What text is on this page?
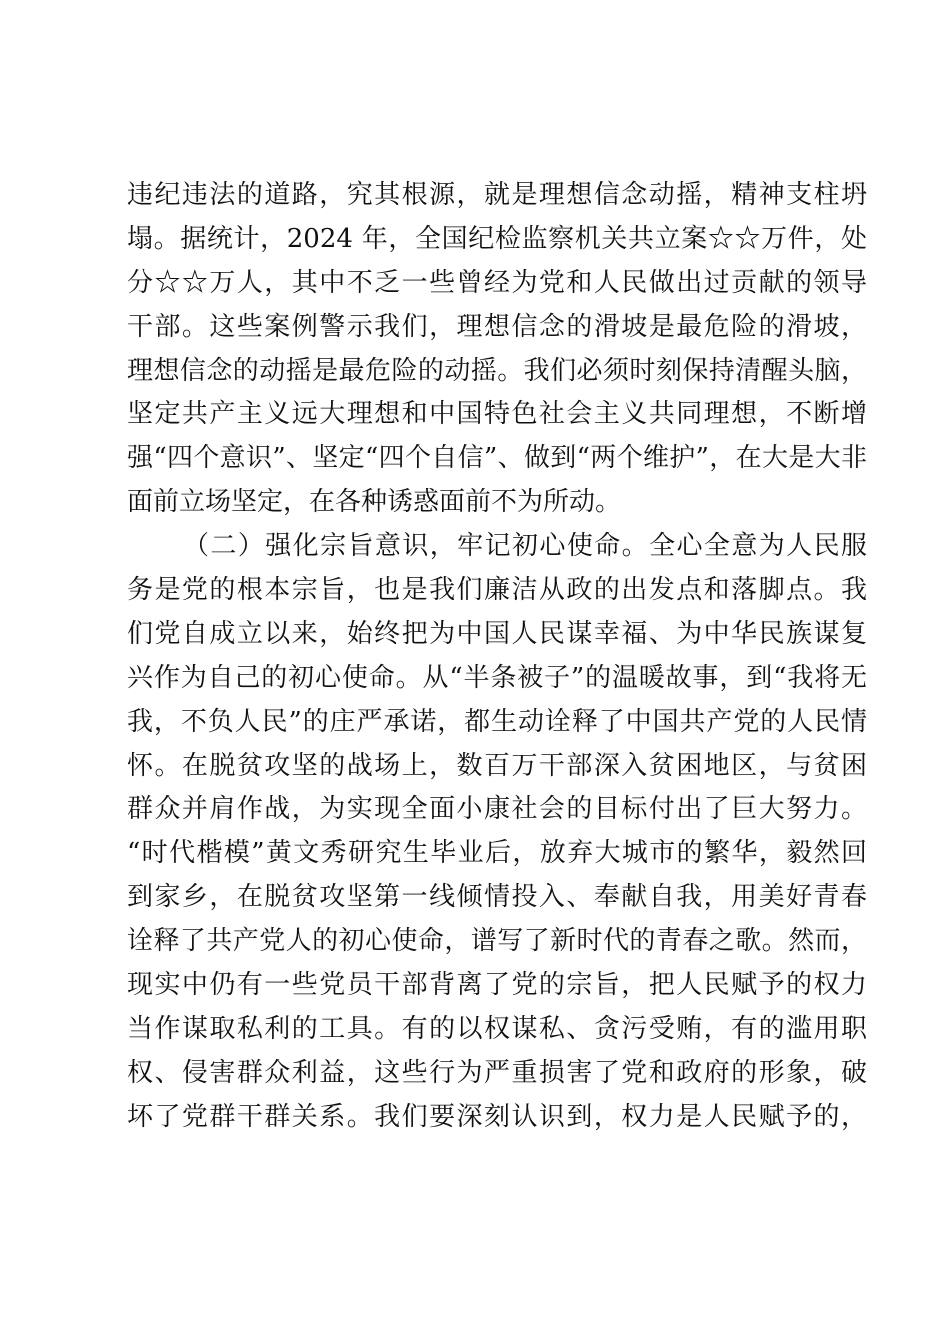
违纪违法的道路，究其根源，就是理想信念动摇，精神支柱坍
塌。据统计，2024 年，全国纪检监察机关共立案☆☆万件，处
分☆☆万人，其中不乏一些曾经为党和人民做出过贡献的领导
干部。这些案例警示我们，理想信念的滑坡是最危险的滑坡，
理想信念的动摇是最危险的动摇。我们必须时刻保持清醒头脑，
坚定共产主义远大理想和中国特色社会主义共同理想，不断增
强“四个意识”、坚定“四个自信”、做到“两个维护”，在大是大非
面前立场坚定，在各种诱惑面前不为所动。
（二）强化宗旨意识，牢记初心使命。全心全意为人民服
务是党的根本宗旨，也是我们廉洁从政的出发点和落脚点。我
们党自成立以来，始终把为中国人民谋幸福、为中华民族谋复
兴作为自己的初心使命。从“半条被子”的温暖故事，到“我将无
我，不负人民”的庄严承诺，都生动诠释了中国共产党的人民情
怀。在脱贫攻坚的战场上，数百万干部深入贫困地区，与贫困
群众并肩作战，为实现全面小康社会的目标付出了巨大努力。
“时代楷模”黄文秀研究生毕业后，放弃大城市的繁华，毅然回
到家乡，在脱贫攻坚第一线倾情投入、奉献自我，用美好青春
诠释了共产党人的初心使命，谱写了新时代的青春之歌。然而，
现实中仍有一些党员干部背离了党的宗旨，把人民赋予的权力
当作谋取私利的工具。有的以权谋私、贪污受贿，有的滥用职
权、侵害群众利益，这些行为严重损害了党和政府的形象，破
坏了党群干群关系。我们要深刻认识到，权力是人民赋予的，
